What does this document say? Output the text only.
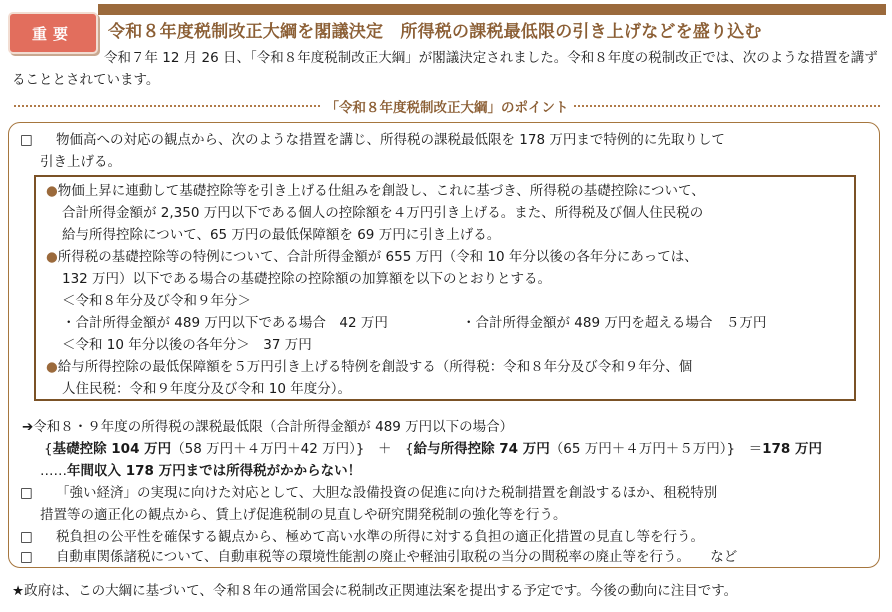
重要	令和８年度税制改正大綱を閣議決定　所得税の課税最低限の引き上げなどを盛り込む
令和７年 12 月 26 日、「令和８年度税制改正大綱」が閣議決定されました。令和８年度の税制改正では、次のような措置を講ずることとされています。
「令和８年度税制改正大綱」のポイント
□ 物価高への対応の観点から、次のような措置を講じ、所得税の課税最低限を 178 万円まで特例的に先取りして
引き上げる。
●物価上昇に連動して基礎控除等を引き上げる仕組みを創設し、これに基づき、所得税の基礎控除について、
合計所得金額が 2,350 万円以下である個人の控除額を４万円引き上げる。また、所得税及び個人住民税の
給与所得控除について、65 万円の最低保障額を 69 万円に引き上げる。
●所得税の基礎控除等の特例について、合計所得金額が 655 万円（令和 10 年分以後の各年分にあっては、
132 万円）以下である場合の基礎控除の控除額の加算額を以下のとおりとする。
＜令和８年分及び令和９年分＞
・合計所得金額が 489 万円以下である場合　42 万円	・合計所得金額が 489 万円を超える場合　５万円
＜令和 10 年分以後の各年分＞　37 万円
●給与所得控除の最低保障額を５万円引き上げる特例を創設する（所得税：令和８年分及び令和９年分、個
人住民税：令和９年度分及び令和 10 年度分）。
➔令和８・９年度の所得税の課税最低限（合計所得金額が 489 万円以下の場合）
{基礎控除 104 万円（58 万円＋４万円＋42 万円）}　 ＋　 {給与所得控除 74 万円（65 万円＋４万円＋５万円）}　 ＝178 万円
……年間収入 178 万円までは所得税がかからない！
□ 「強い経済」の実現に向けた対応として、大胆な設備投資の促進に向けた税制措置を創設するほか、租税特別
措置等の適正化の観点から、賃上げ促進税制の見直しや研究開発税制の強化等を行う。
□ 税負担の公平性を確保する観点から、極めて高い水準の所得に対する負担の適正化措置の見直し等を行う。
□ 自動車関係諸税について、自動車税等の環境性能割の廃止や軽油引取税の当分の間税率の廃止等を行う。　　 など
★政府は、この大綱に基づいて、令和８年の通常国会に税制改正関連法案を提出する予定です。今後の動向に注目です。
